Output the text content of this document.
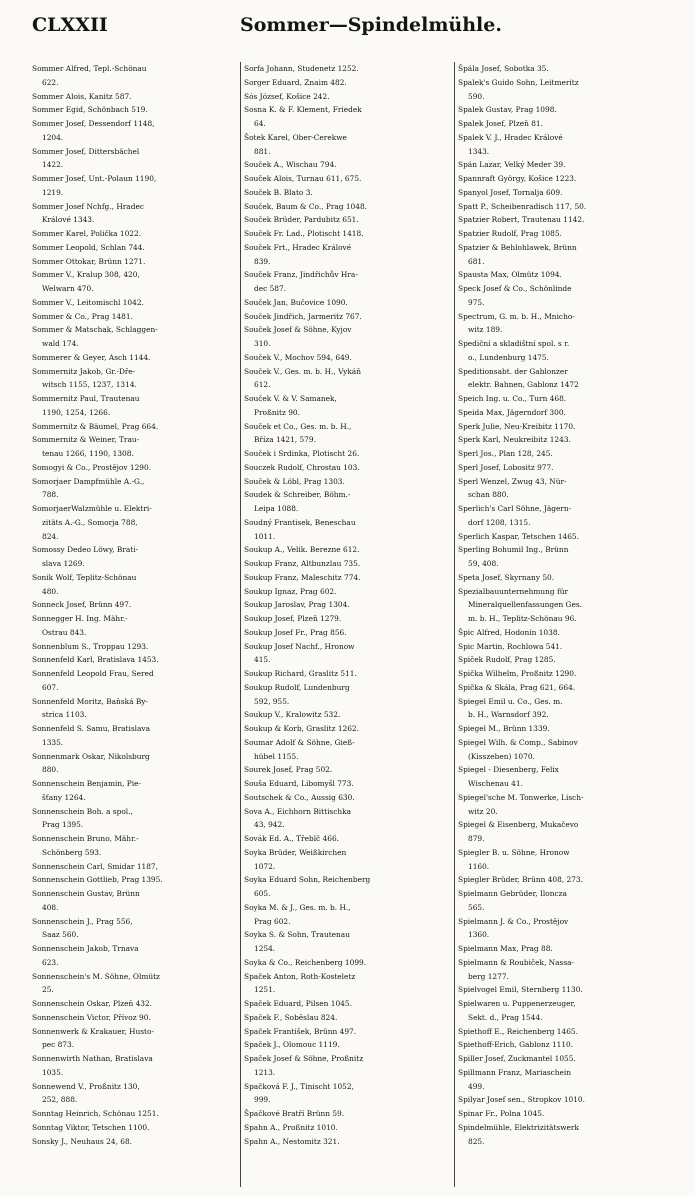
CLXXII	Sommer—Spindelmühle.
Sommer Alfred, Tepl.-Schönau
622.
Sommer Alois, Kanitz 587.
Sommer Egid, Schönbach 519.
Sommer Josef, Dessendorf 1148,
1204.
Sommer Josef, Dittersbächel
1422.
Sommer Josef, Unt.-Polaun 1190,
1219.
Sommer Josef Nchfg., Hradec
Králové 1343.
Sommer Karel, Polička 1022.
Sommer Leopold, Schlan 744.
Sommer Ottokar, Brünn 1271.
Sommer V., Kralup 308, 420,
Welwarn 470.
Sommer V., Leitomischl 1042.
Sommer & Co., Prag 1481.
Sommer & Matschak, Schlaggen-
wald 174.
Sommerer & Geyer, Asch 1144.
Sommernitz Jakob, Gr.-Dře-
witsch 1155, 1237, 1314.
Sommernitz Paul, Trautenau
1190, 1254, 1266.
Sommernitz & Bäumel, Prag 664.
Sommernitz & Weiner, Trau-
tenau 1266, 1190, 1308.
Somogyi & Co., Prostějov 1290.
Somorjaer Dampfmühle A.-G.,
788.
SomorjaerWalzmühle u. Elektri-
zitäts A.-G., Somorja 788,
824.
Somossy Dedeo Löwy, Brati-
slava 1269.
Sonik Wolf, Teplitz-Schönau
480.
Sonneck Josef, Brünn 497.
Sonnegger H. Ing. Mähr.-
Ostrau 843.
Sonnenblum S., Troppau 1293.
Sonnenfeld Karl, Bratislava 1453.
Sonnenfeld Leopold Frau, Sered
607.
Sonnenfeld Moritz, Baňská By-
strica 1103.
Sonnenfeld S. Samu, Bratislava
1335.
Sonnenmark Oskar, Nikolsburg
880.
Sonnenschein Benjamin, Pie-
šťany 1264.
Sonnenschein Boh. a spol.,
Prag 1395.
Sonnenschein Bruno, Mähr.-
Schönberg 593.
Sonnenschein Carl, Smidar 1187,
Sonnenschein Gottlieb, Prag 1395.
Sonnenschein Gustav, Brünn
408.
Sonnenschein J., Prag 556,
Saaz 560.
Sonnenschein Jakob, Trnava
623.
Sonnenschein's M. Söhne, Olmütz
25.
Sonnenschein Oskar, Plzeň 432.
Sonnenschein Victor, Přívoz 90.
Sonnenwerk & Krakauer, Husto-
pec 873.
Sonnenwirth Nathan, Bratislava
1035.
Sonnewend V., Proßnitz 130,
252, 888.
Sonntag Heinrich, Schönau 1251.
Sonntag Viktor, Tetschen 1100.
Sonsky J., Neuhaus 24, 68.
Sorfa Johann, Studenetz 1252.
Sorger Eduard, Znaim 482.
Sós József, Košice 242.
Sosna K. & F. Klement, Friedek
64.
Šotek Karel, Ober-Cerekwe
881.
Souček A., Wischau 794.
Souček Alois, Turnau 611, 675.
Souček B. Blato 3.
Souček, Baum & Co., Prag 1048.
Souček Brüder, Pardubitz 651.
Souček Fr. Lad., Plotischt 1418.
Souček Frt., Hradec Králové
839.
Souček Franz, Jindřichův Hra-
dec 587.
Souček Jan, Bučovice 1090.
Souček Jindřich, Jarmeritz 767.
Souček Josef & Söhne, Kyjov
310.
Souček V., Mochov 594, 649.
Souček V., Ges. m. b. H., Vykáň
612.
Souček V. & V. Samanek,
Proßnitz 90.
Souček et Co., Ges. m. b. H.,
Bříza 1421, 579.
Souček i Srdinka, Plotischt 26.
Souczek Rudolf, Chrostau 103.
Souček & Löbl, Prag 1303.
Soudek & Schreiber, Böhm.-
Leipa 1088.
Soudný Frantisek, Beneschau
1011.
Soukup A., Velik. Berezne 612.
Soukup Franz, Altbunzlau 735.
Soukup Franz, Maleschitz 774.
Soukup Ignaz, Prag 602.
Soukup Jaroslav, Prag 1304.
Soukup Josef, Plzeň 1279.
Soukup Josef Fr., Prag 856.
Soukup Josef Nachf., Hronow
415.
Soukup Richard, Graslitz 511.
Soukup Rudolf, Lundenburg
592, 955.
Soukup V., Kralowitz 532.
Soukup & Korb, Graslitz 1262.
Soumar Adolf & Söhne, Gieß-
hübel 1155.
Sourek Josef, Prag 502.
Souša Eduard, Libomyšl 773.
Soutschek & Co., Aussig 630.
Sova A., Eichhorn Bittischka
43, 942.
Sovák Ed. A., Třeblč 466.
Soyka Brüder, Weißkirchen
1072.
Soyka Eduard Sohn, Reichenberg
605.
Soyka M. & J., Ges. m. b. H.,
Prag 602.
Soyka S. & Sohn, Trautenau
1254.
Soyka & Co., Reichenberg 1099.
Spaček Anton, Roth-Kosteletz
1251.
Spaček Eduard, Pilsen 1045.
Spaček F., Soběslau 824.
Spaček František, Brünn 497.
Spaček J., Olomouc 1119.
Spaček Josef & Söhne, Proßnitz
1213.
Spačková F. J., Tinischt 1052,
999.
Špačkové Bratří Brünn 59.
Spahn A., Proßnitz 1010.
Spahn A., Nestomitz 321.
Špála Josef, Sobotka 35.
Spalek's Guido Sohn, Leitmeritz
590.
Spalek Gustav, Prag 1098.
Spalek Josef, Plzeň 81.
Spalek V. J., Hradec Králové
1343.
Spán Lazar, Velký Meder 39.
Spannraft György, Košice 1223.
Spanyol Josef, Tornalja 609.
Spatt P., Scheibenradisch 117, 50.
Spatzier Robert, Trautenau 1142.
Spatzier Rudolf, Prag 1085.
Spatzier & Behlohlawek, Brünn
681.
Spausta Max, Olmütz 1094.
Speck Josef & Co., Schönlinde
975.
Spectrum, G. m. b. H., Mnicho-
witz 189.
Spediční a skladištní spol. s r.
o., Lundenburg 1475.
Speditionsabt. der Gablonzer
elektr. Bahnen, Gablonz 1472
Speich Ing. u. Co., Turn 468.
Speida Max, Jägerndorf 300.
Sperk Julie, Neu-Kreibitz 1170.
Sperk Karl, Neukreibitz 1243.
Sperl Jos., Plan 128, 245.
Sperl Josef, Lobositz 977.
Sperl Wenzel, Zwug 43, Nür-
schan 880.
Sperlich's Carl Söhne, Jägern-
dorf 1208, 1315.
Sperlich Kaspar, Tetschen 1465.
Sperling Bohumil Ing., Brünn
59, 408.
Speta Josef, Skyrnany 50.
Spezialbauunternehmung für
Mineralquellenfassungen Ges.
m. b. H., Teplitz-Schönau 96.
Špic Alfred, Hodonín 1038.
Spic Martin, Rochlowa 541.
Spiček Rudolf, Prag 1285.
Spička Wilhelm, Proßnitz 1290.
Spička & Skála, Prag 621, 664.
Spiegel Emil u. Co., Ges. m.
b. H., Warnsdorf 392.
Spiegel M., Brünn 1339.
Spiegel Wilh. & Comp., Sabinov
(Kisszeben) 1070.
Spiegel - Diesenberg, Felix
Wischenau 41.
Spiegel'sche M. Tonwerke, Lisch-
witz 20.
Spiegel & Eisenberg, Mukačevo
879.
Spiegler B. u. Söhne, Hronow
1160.
Spiegler Brüder, Brünn 408, 273.
Spielmann Gebrüder, Iloncza
565.
Spielmann J. & Co., Prostějov
1360.
Spielmann Max, Prag 88.
Spielmann & Roubiček, Nassa-
berg 1277.
Spielvogel Emil, Sternberg 1130.
Spielwaren u. Puppenerzeuger,
Sekt. d., Prag 1544.
Spiethoff E., Reichenberg 1465.
Spiethoff-Erich, Gablonz 1110.
Spiller Josef, Zuckmantel 1055.
Spillmann Franz, Mariaschein
499.
Spilyar Josef sen., Stropkov 1010.
Spinar Fr., Polna 1045.
Spindelmühle, Elektrizitätswerk
825.
